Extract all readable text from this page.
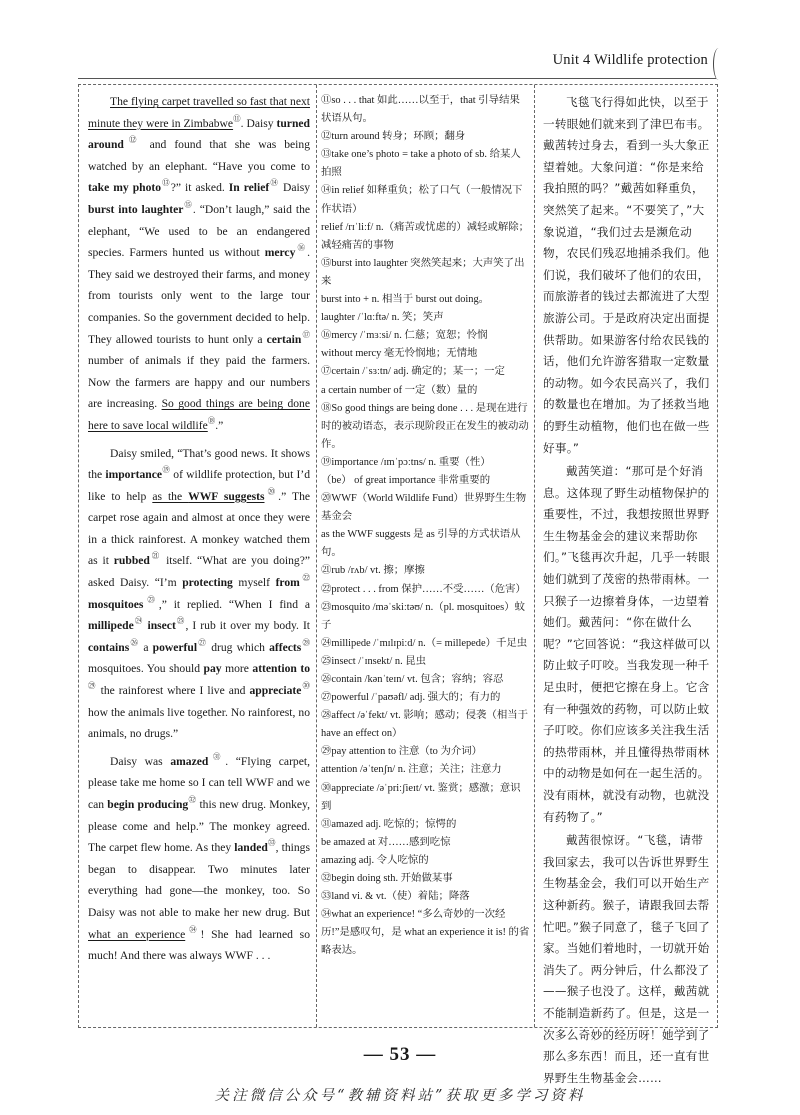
Unit 4 Wildlife protection

The flying carpet travelled so fast that next minute they were in Zimbabwe⑪. Daisy turned around⑫ and found that she was being watched by an elephant. “Have you come to take my photo⑬?” it asked. In relief⑭ Daisy burst into laughter⑮. “Don’t laugh,” said the elephant, “We used to be an endangered species. Farmers hunted us without mercy⑯. They said we destroyed their farms, and money from tourists only went to the large tour companies. So the government decided to help. They allowed tourists to hunt only a certain⑰ number of animals if they paid the farmers. Now the farmers are happy and our numbers are increasing. So good things are being done here to save local wildlife⑱.”

Daisy smiled, “That’s good news. It shows the importance⑲ of wildlife protection, but I’d like to help as the WWF suggests⑳.” The carpet rose again and almost at once they were in a thick rainforest. A monkey watched them as it rubbed$^㉑$ itself. “What are you doing?” asked Daisy. “I’m protecting myself from$^㉒$ mosquitoes$^㉓$,” it replied. “When I find a millipede$^㉔$ insect$^㉕$, I rub it over my body. It contains$^㉖$ a powerful$^㉗$ drug which affects$^㉘$ mosquitoes. You should pay more attention $to^㉙$ the rainforest where I live and appreciate$^㉚$ how the animals live together. No rainforest, no animals, no drugs.”

Daisy was amazed$^㉛$. “Flying carpet, please take me home so I can tell WWF and we can begin producing$^㉜$ this new drug. Monkey, please come and help.” The monkey agreed. The carpet flew home. As they landed$^㉝$, things began to disappear. Two minutes later everything had gone—the monkey, too. So Daisy was not able to make her new drug. But what an experience$^㉞$! She had learned so much! And there was always WWF . . .

⑪so . . . that 如此……以至于，that 引导结果状语从句。
⑫turn around 转身；环顾；翻身
⑬take one’s photo = take a photo of sb. 给某人拍照
⑭in relief 如释重负；松了口气（一般情况下作状语）
relief /rɪˈliːf/ n.（痛苦或忧虑的）减轻或解除；减轻痛苦的事物
⑮burst into laughter 突然笑起来；大声笑了出来
burst into + n. 相当于 burst out doing。
laughter /ˈlɑːftə/ n. 笑；笑声
⑯mercy /ˈmɜːsi/ n. 仁慈；宽恕；怜悯
without mercy 毫无怜悯地；无情地
⑰certain /ˈsɜːtn/ adj. 确定的；某一；一定
a certain number of 一定（数）量的
⑱So good things are being done . . . 是现在进行时的被动语态，表示现阶段正在发生的被动动作。
⑲importance /ɪmˈpɔːtns/ n. 重要（性）
（be） of great importance 非常重要的
⑳WWF（World Wildlife Fund）世界野生生物基金会
as the WWF suggests 是 as 引导的方式状语从句。
㉑rub /rʌb/ vt. 擦；摩擦
㉒protect . . . from 保护……不受……（危害）
㉓mosquito /məˈskiːtəʊ/ n.（pl. mosquitoes）蚊子
㉔millipede /ˈmɪlɪpiːd/ n.（= millepede）千足虫
㉕insect /ˈɪnsekt/ n. 昆虫
㉖contain /kənˈteɪn/ vt. 包含；容纳；容忍
㉗powerful /ˈpaʊəfl/ adj. 强大的；有力的
㉘affect /əˈfekt/ vt. 影响；感动；侵袭（相当于 have an effect on）
㉙pay attention to 注意（to 为介词）
attention /əˈtenʃn/ n. 注意；关注；注意力
㉚appreciate /əˈpriːʃieɪt/ vt. 鉴赏；感激；意识到
㉛amazed adj. 吃惊的；惊愕的
be amazed at 对……感到吃惊
amazing adj. 令人吃惊的
㉜begin doing sth. 开始做某事
㉝land vi. & vt.（使）着陆；降落
㉞what an experience! “多么奇妙的一次经历!”是感叹句，是 what an experience it is! 的省略表达。

飞毯飞行得如此快，以至于一转眼她们就来到了津巴布韦。戴茜转过身去，看到一头大象正望着她。大象问道：“你是来给我拍照的吗？”戴茜如释重负，突然笑了起来。“不要笑了，”大象说道，“我们过去是濒危动物，农民们残忍地捕杀我们。他们说，我们破坏了他们的农田，而旅游者的钱过去都流进了大型旅游公司。于是政府决定出面提供帮助。如果游客付给农民钱的话，他们允许游客猎取一定数量的动物。如今农民高兴了，我们的数量也在增加。为了拯救当地的野生动植物，他们也在做一些好事。”

戴茜笑道：“那可是个好消息。这体现了野生动植物保护的重要性，不过，我想按照世界野生生物基金会的建议来帮助你们。”飞毯再次升起，几乎一转眼她们就到了茂密的热带雨林。一只猴子一边擦着身体，一边望着她们。戴茜问：“你在做什么呢？”它回答说：“我这样做可以防止蚊子叮咬。当我发现一种千足虫时，便把它擦在身上。它含有一种强效的药物，可以防止蚊子叮咬。你们应该多关注我生活的热带雨林，并且懂得热带雨林中的动物是如何在一起生活的。没有雨林，就没有动物，也就没有药物了。”

戴茜很惊讶。“飞毯，请带我回家去，我可以告诉世界野生生物基金会，我们可以开始生产这种新药。猴子，请跟我回去帮忙吧。”猴子同意了，毯子飞回了家。当她们着地时，一切就开始消失了。两分钟后，什么都没了——猴子也没了。这样，戴茜就不能制造新药了。但是，这是一次多么奇妙的经历呀！她学到了那么多东西！而且，还一直有世界野生生物基金会……

— 53 —
关注微信公众号“教辅资料站”获取更多学习资料
